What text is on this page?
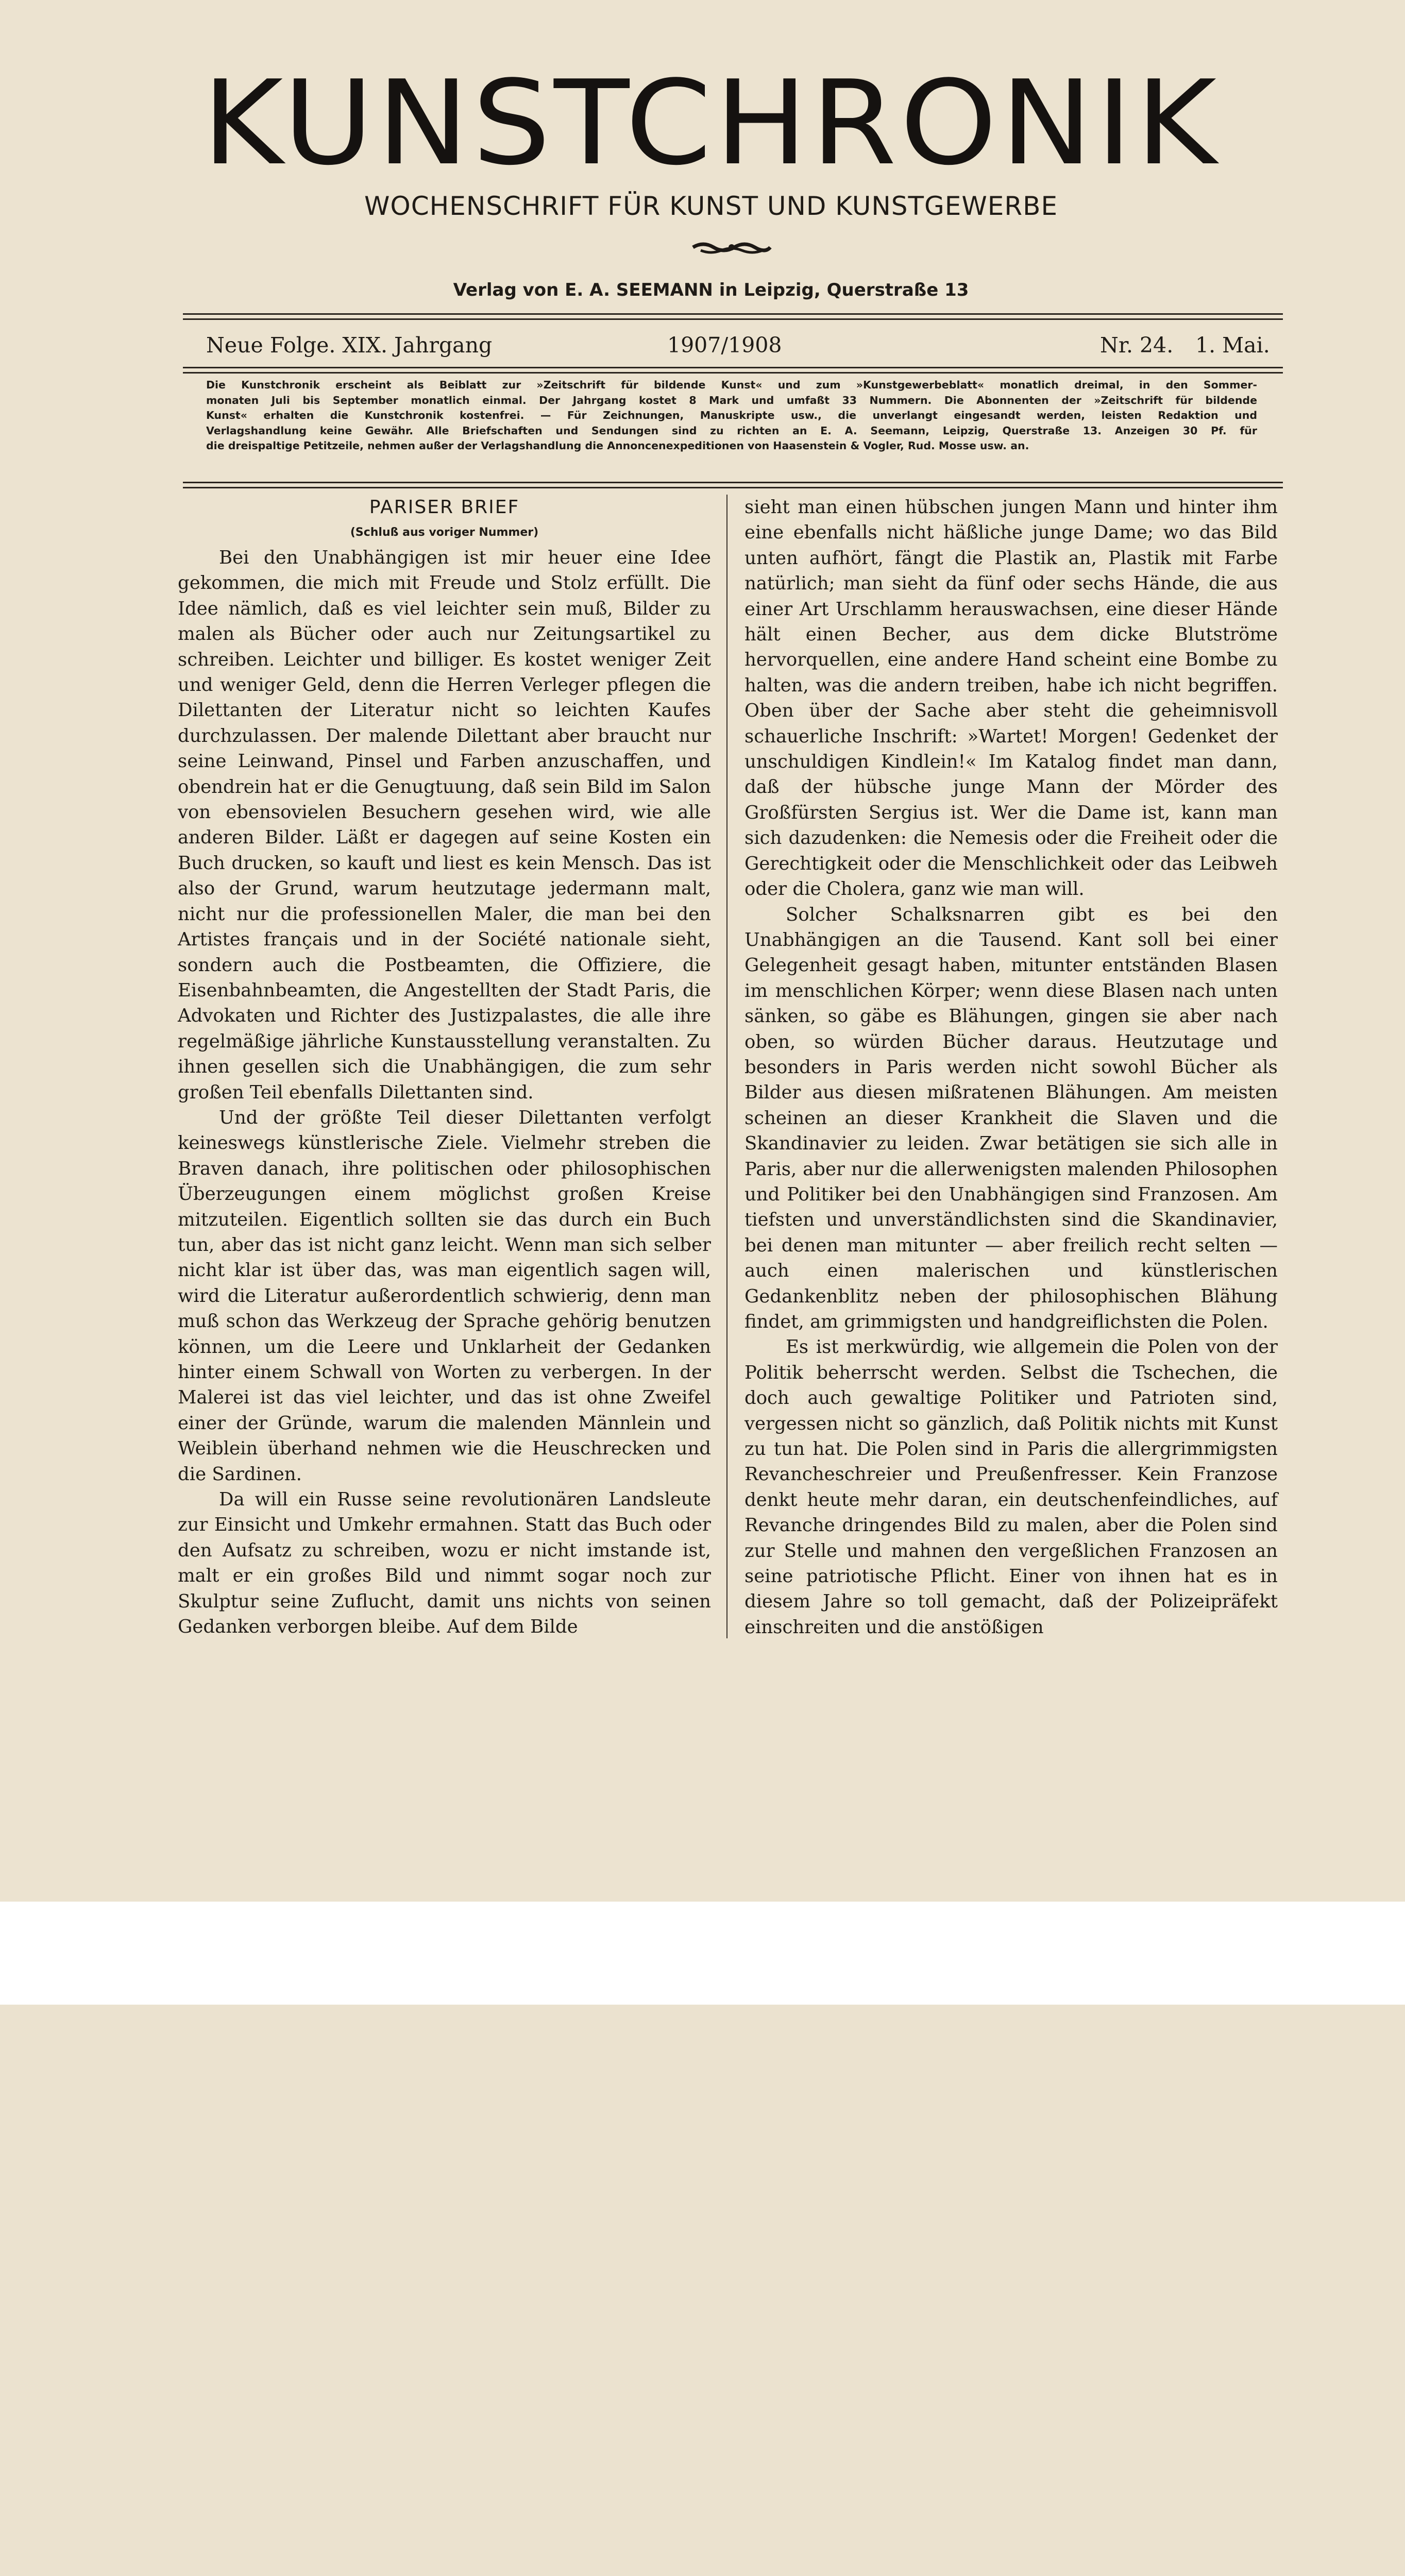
KUNSTCHRONIK
WOCHENSCHRIFT FÜR KUNST UND KUNSTGEWERBE
Verlag von E. A. SEEMANN in Leipzig, Querstraße 13
Neue Folge. XIX. Jahrgang	1907/1908	Nr. 24. 1. Mai.
Die Kunstchronik erscheint als Beiblatt zur »Zeitschrift für bildende Kunst« und zum »Kunstgewerbeblatt« monatlich dreimal, in den Sommer-
monaten Juli bis September monatlich einmal. Der Jahrgang kostet 8 Mark und umfaßt 33 Nummern. Die Abonnenten der »Zeitschrift für bildende
Kunst« erhalten die Kunstchronik kostenfrei. — Für Zeichnungen, Manuskripte usw., die unverlangt eingesandt werden, leisten Redaktion und
Verlagshandlung keine Gewähr. Alle Briefschaften und Sendungen sind zu richten an E. A. Seemann, Leipzig, Querstraße 13. Anzeigen 30 Pf. für
die dreispaltige Petitzeile, nehmen außer der Verlagshandlung die Annoncenexpeditionen von Haasenstein & Vogler, Rud. Mosse usw. an.

PARISER BRIEF

(Schluß aus voriger Nummer)

Bei den Unabhängigen ist mir heuer eine Idee gekommen, die mich mit Freude und Stolz erfüllt. Die Idee nämlich, daß es viel leichter sein muß, Bilder zu malen als Bücher oder auch nur Zeitungsartikel zu schreiben. Leichter und billiger. Es kostet weniger Zeit und weniger Geld, denn die Herren Verleger pflegen die Dilettanten der Literatur nicht so leichten Kaufes durchzulassen. Der malende Dilettant aber braucht nur seine Leinwand, Pinsel und Farben anzuschaffen, und obendrein hat er die Genugtuung, daß sein Bild im Salon von ebensovielen Besuchern gesehen wird, wie alle anderen Bilder. Läßt er dagegen auf seine Kosten ein Buch drucken, so kauft und liest es kein Mensch. Das ist also der Grund, warum heutzutage jedermann malt, nicht nur die professionellen Maler, die man bei den Artistes français und in der Société nationale sieht, sondern auch die Postbeamten, die Offiziere, die Eisenbahnbeamten, die Angestellten der Stadt Paris, die Advokaten und Richter des Justizpalastes, die alle ihre regelmäßige jährliche Kunstausstellung veranstalten. Zu ihnen gesellen sich die Unabhängigen, die zum sehr großen Teil ebenfalls Dilettanten sind.

Und der größte Teil dieser Dilettanten verfolgt keineswegs künstlerische Ziele. Vielmehr streben die Braven danach, ihre politischen oder philosophischen Überzeugungen einem möglichst großen Kreise mitzuteilen. Eigentlich sollten sie das durch ein Buch tun, aber das ist nicht ganz leicht. Wenn man sich selber nicht klar ist über das, was man eigentlich sagen will, wird die Literatur außerordentlich schwierig, denn man muß schon das Werkzeug der Sprache gehörig benutzen können, um die Leere und Unklarheit der Gedanken hinter einem Schwall von Worten zu verbergen. In der Malerei ist das viel leichter, und das ist ohne Zweifel einer der Gründe, warum die malenden Männlein und Weiblein überhand nehmen wie die Heuschrecken und die Sardinen.

Da will ein Russe seine revolutionären Landsleute zur Einsicht und Umkehr ermahnen. Statt das Buch oder den Aufsatz zu schreiben, wozu er nicht imstande ist, malt er ein großes Bild und nimmt sogar noch zur Skulptur seine Zuflucht, damit uns nichts von seinen Gedanken verborgen bleibe. Auf dem Bilde

sieht man einen hübschen jungen Mann und hinter ihm eine ebenfalls nicht häßliche junge Dame; wo das Bild unten aufhört, fängt die Plastik an, Plastik mit Farbe natürlich; man sieht da fünf oder sechs Hände, die aus einer Art Urschlamm herauswachsen, eine dieser Hände hält einen Becher, aus dem dicke Blutströme hervorquellen, eine andere Hand scheint eine Bombe zu halten, was die andern treiben, habe ich nicht begriffen. Oben über der Sache aber steht die geheimnisvoll schauerliche Inschrift: »Wartet! Morgen! Gedenket der unschuldigen Kindlein!« Im Katalog findet man dann, daß der hübsche junge Mann der Mörder des Großfürsten Sergius ist. Wer die Dame ist, kann man sich dazudenken: die Nemesis oder die Freiheit oder die Gerechtigkeit oder die Menschlichkeit oder das Leibweh oder die Cholera, ganz wie man will.

Solcher Schalksnarren gibt es bei den Unabhängigen an die Tausend. Kant soll bei einer Gelegenheit gesagt haben, mitunter entständen Blasen im menschlichen Körper; wenn diese Blasen nach unten sänken, so gäbe es Blähungen, gingen sie aber nach oben, so würden Bücher daraus. Heutzutage und besonders in Paris werden nicht sowohl Bücher als Bilder aus diesen mißratenen Blähungen. Am meisten scheinen an dieser Krankheit die Slaven und die Skandinavier zu leiden. Zwar betätigen sie sich alle in Paris, aber nur die allerwenigsten malenden Philosophen und Politiker bei den Unabhängigen sind Franzosen. Am tiefsten und unverständlichsten sind die Skandinavier, bei denen man mitunter — aber freilich recht selten — auch einen malerischen und künstlerischen Gedankenblitz neben der philosophischen Blähung findet, am grimmigsten und handgreiflichsten die Polen.

Es ist merkwürdig, wie allgemein die Polen von der Politik beherrscht werden. Selbst die Tschechen, die doch auch gewaltige Politiker und Patrioten sind, vergessen nicht so gänzlich, daß Politik nichts mit Kunst zu tun hat. Die Polen sind in Paris die allergrimmigsten Revancheschreier und Preußenfresser. Kein Franzose denkt heute mehr daran, ein deutschenfeindliches, auf Revanche dringendes Bild zu malen, aber die Polen sind zur Stelle und mahnen den vergeßlichen Franzosen an seine patriotische Pflicht. Einer von ihnen hat es in diesem Jahre so toll gemacht, daß der Polizeipräfekt einschreiten und die anstößigen
